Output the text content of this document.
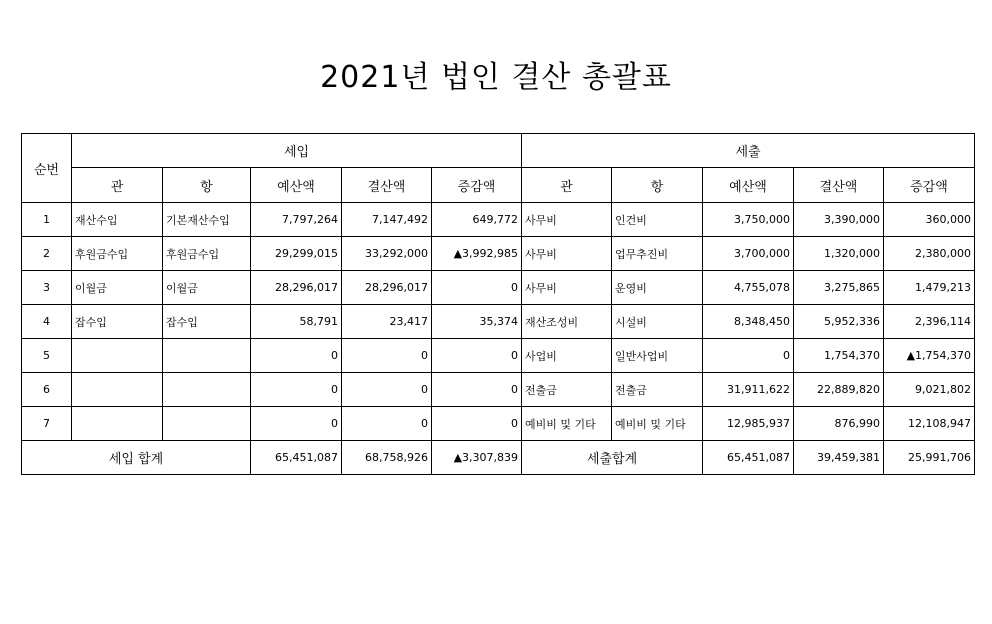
2021년 법인 결산 총괄표
순번	세입					세출				
	관	항	예산액	결산액	증감액	관	항	예산액	결산액	증감액
1	재산수입	기본재산수입	7,797,264	7,147,492	649,772	사무비	인건비	3,750,000	3,390,000	360,000
2	후원금수입	후원금수입	29,299,015	33,292,000	▲3,992,985	사무비	업무추진비	3,700,000	1,320,000	2,380,000
3	이월금	이월금	28,296,017	28,296,017	0	사무비	운영비	4,755,078	3,275,865	1,479,213
4	잡수입	잡수입	58,791	23,417	35,374	재산조성비	시설비	8,348,450	5,952,336	2,396,114
5			0	0	0	사업비	일반사업비	0	1,754,370	▲1,754,370
6			0	0	0	전출금	전출금	31,911,622	22,889,820	9,021,802
7			0	0	0	예비비 및 기타	예비비 및 기타	12,985,937	876,990	12,108,947
세입 합계			65,451,087	68,758,926	▲3,307,839	세출합계		65,451,087	39,459,381	25,991,706
